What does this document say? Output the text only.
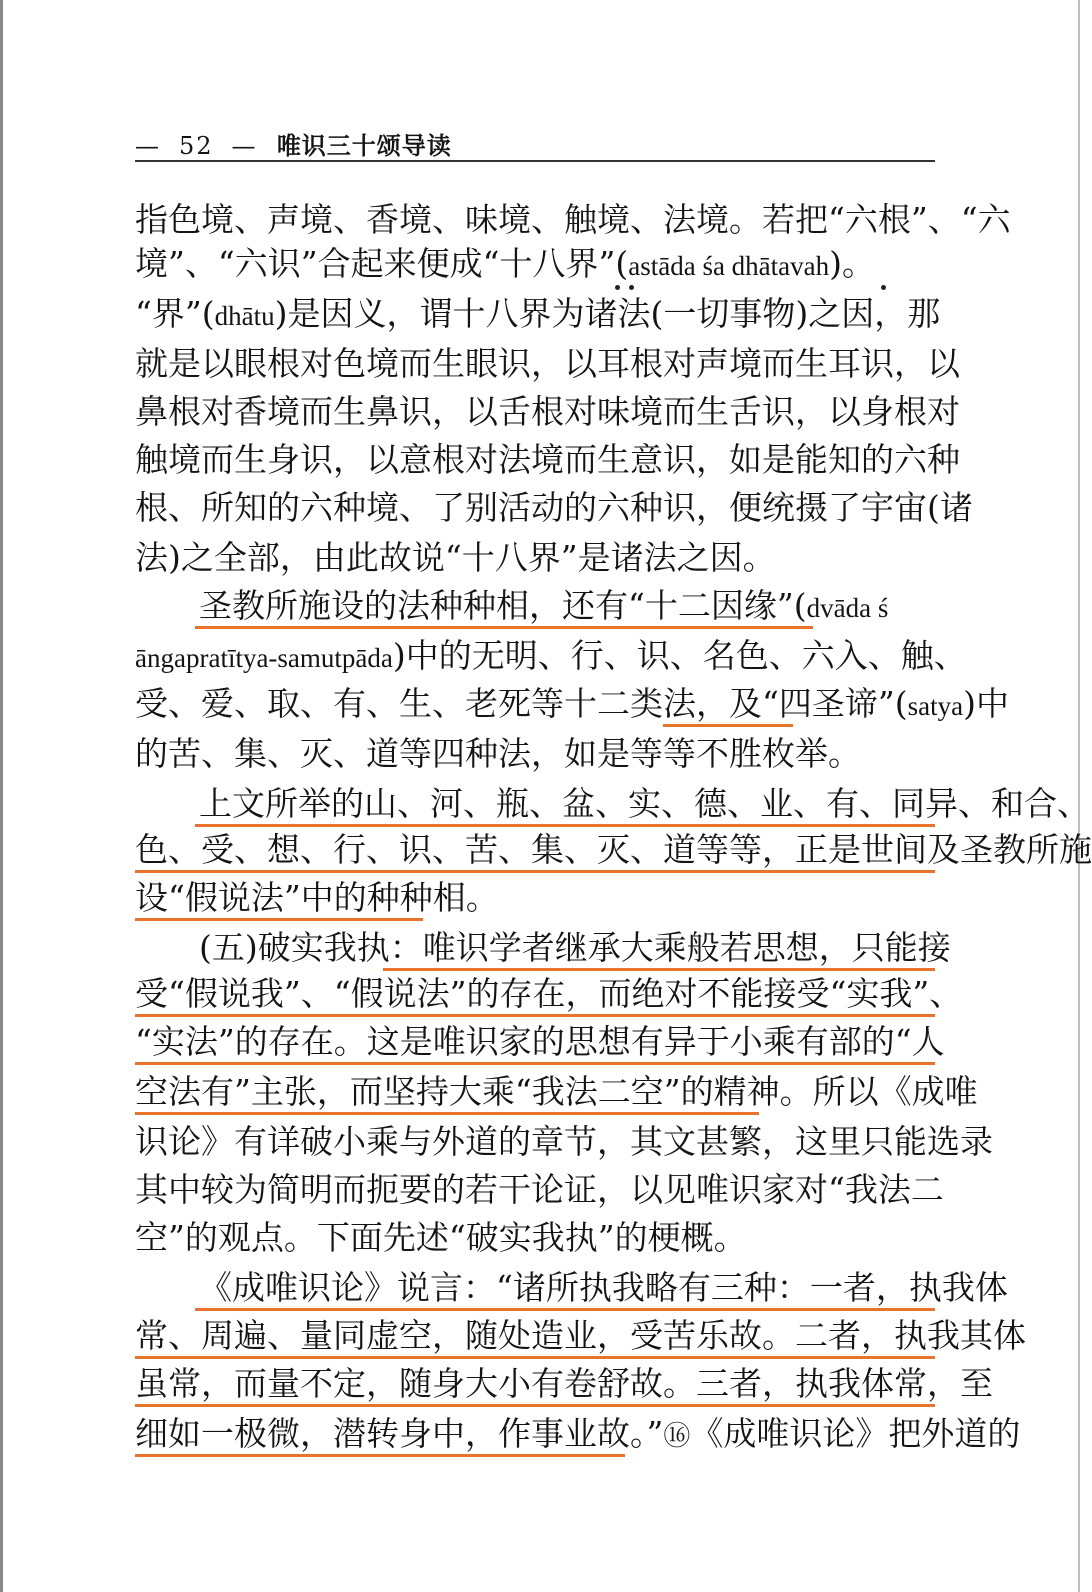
— 52 — 唯识三十颂导读
指色境、声境、香境、味境、触境、法境。若把“六根”、“六
境”、“六识”合起来便成“十八界”(astāda śa dhātavah)。
“界”(dhātu)是因义，谓十八界为诸法(一切事物)之因，那
就是以眼根对色境而生眼识，以耳根对声境而生耳识，以
鼻根对香境而生鼻识，以舌根对味境而生舌识，以身根对
触境而生身识，以意根对法境而生意识，如是能知的六种
根、所知的六种境、了别活动的六种识，便统摄了宇宙(诸
法)之全部，由此故说“十八界”是诸法之因。
圣教所施设的法种种相，还有“十二因缘”(dvāda ś
āngapratītya-samutpāda)中的无明、行、识、名色、六入、触、
受、爱、取、有、生、老死等十二类法，及“四圣谛”(satya)中
的苦、集、灭、道等四种法，如是等等不胜枚举。
上文所举的山、河、瓶、盆、实、德、业、有、同异、和合、
色、受、想、行、识、苦、集、灭、道等等，正是世间及圣教所施
设“假说法”中的种种相。
(五)破实我执：唯识学者继承大乘般若思想，只能接
受“假说我”、“假说法”的存在，而绝对不能接受“实我”、
“实法”的存在。这是唯识家的思想有异于小乘有部的“人
空法有”主张，而坚持大乘“我法二空”的精神。所以《成唯
识论》有详破小乘与外道的章节，其文甚繁，这里只能选录
其中较为简明而扼要的若干论证，以见唯识家对“我法二
空”的观点。下面先述“破实我执”的梗概。
《成唯识论》说言：“诸所执我略有三种：一者，执我体
常、周遍、量同虚空，随处造业，受苦乐故。二者，执我其体
虽常，而量不定，随身大小有卷舒故。三者，执我体常，至
细如一极微，潜转身中，作事业故。”⑯《成唯识论》把外道的
